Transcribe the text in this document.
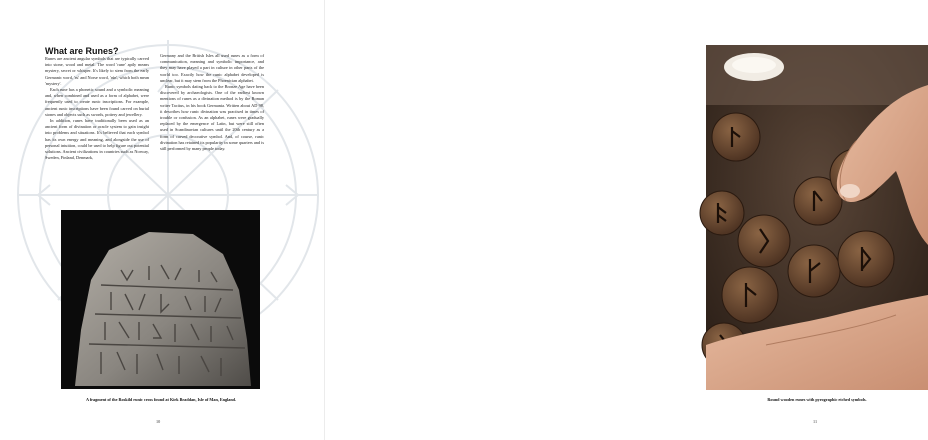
What are Runes?

Runes are ancient angular symbols that are typically carved into stone, wood and metal. The word 'rune' aptly means mystery, secret or whisper. It's likely to stem from the early Germanic word, 'ru' and Norse word, 'rún', which both mean 'mystery'.

Each rune has a phonetic sound and a symbolic meaning and, when combined and used as a form of alphabet, were frequently used to create runic inscriptions. For example, ancient runic inscriptions have been found carved on burial stones and objects such as swords, pottery and jewellery.

In addition, runes have traditionally been used as an ancient form of divination or oracle system to gain insight into problems and situations. It's believed that each symbol has its own energy and meaning, and alongside the use of personal intuition, could be used to help figure out potential solutions. Ancient civilizations in countries such as Norway, Sweden, Finland, Denmark,

Germany and the British Isles all used runes as a form of communication, meaning and symbolic importance, and they may have played a part in culture in other parts of the world too. Exactly how the runic alphabet developed is unclear, but it may stem from the Phoenician alphabet.

Runic symbols dating back to the Bronze Age have been discovered by archaeologists. One of the earliest known mentions of runes as a divination method is by the Roman writer Tacitus, in his book Germania. Written about AD 98, it describes how runic divination was practised in times of trouble or confusion. As an alphabet, runes were gradually replaced by the emergence of Latin, but were still often used in Scandinavian cultures until the 20th century as a form of carved decorative symbol. And, of course, runic divination has retained its popularity in some quarters and is still performed by many people today.

A fragment of the Roskild runic cross found at Kirk Braddan, Isle of Man, England.
10
Round wooden runes with pyrographic etched symbols.
11
